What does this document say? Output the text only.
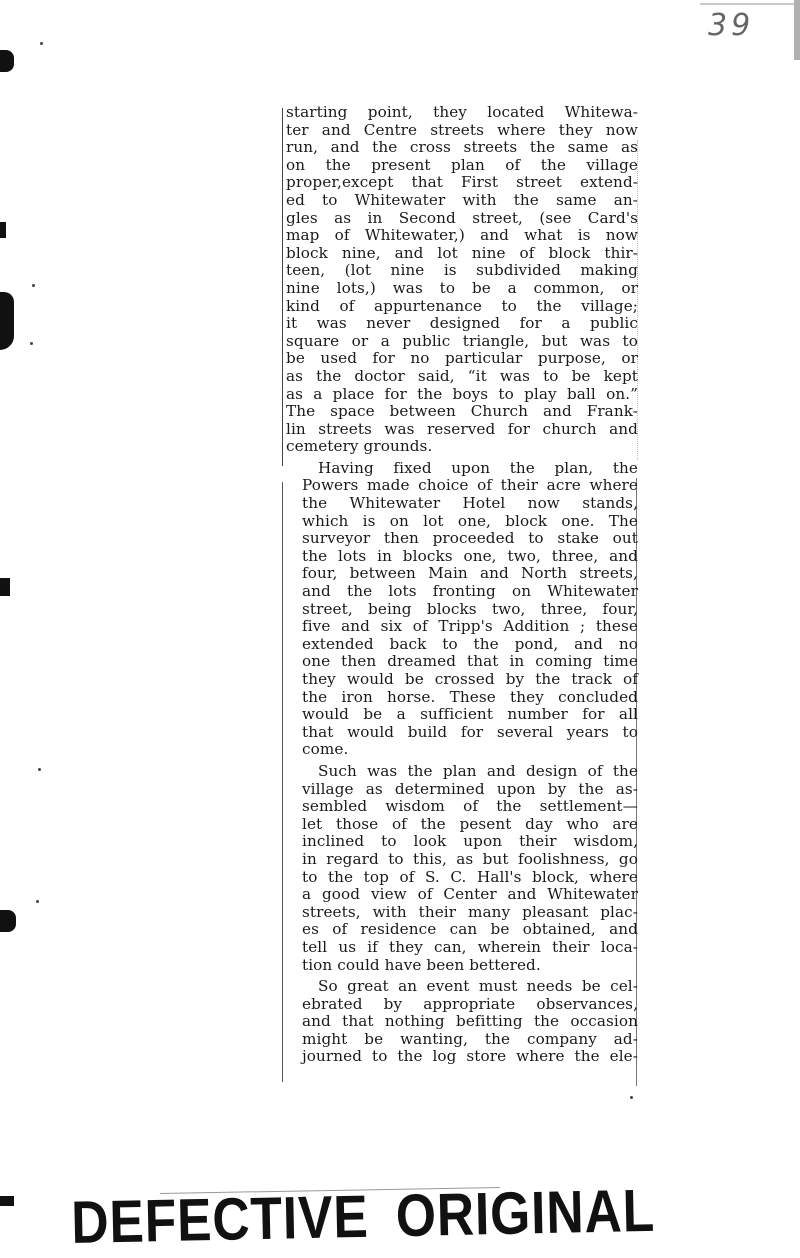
39

starting point, they located Whitewa-
ter and Centre streets where they now
run, and the cross streets the same as
on the present plan of the village
proper,except that First street extend-
ed to Whitewater with the same an-
gles as in Second street, (see Card's
map of Whitewater,) and what is now
block nine, and lot nine of block thir-
teen, (lot nine is subdivided making
nine lots,) was to be a common, or
kind of appurtenance to the village;
it was never designed for a public
square or a public triangle, but was to
be used for no particular purpose, or
as the doctor said, “it was to be kept
as a place for the boys to play ball on.”
The space between Church and Frank-
lin streets was reserved for church and
cemetery grounds.

Having fixed upon the plan, the
Powers made choice of their acre where
the Whitewater Hotel now stands,
which is on lot one, block one. The
surveyor then proceeded to stake out
the lots in blocks one, two, three, and
four, between Main and North streets,
and the lots fronting on Whitewater
street, being blocks two, three, four,
five and six of Tripp's Addition ; these
extended back to the pond, and no
one then dreamed that in coming time
they would be crossed by the track of
the iron horse. These they concluded
would be a sufficient number for all
that would build for several years to
come.

Such was the plan and design of the
village as determined upon by the as-
sembled wisdom of the settlement—
let those of the pesent day who are
inclined to look upon their wisdom,
in regard to this, as but foolishness, go
to the top of S. C. Hall's block, where
a good view of Center and Whitewater
streets, with their many pleasant plac-
es of residence can be obtained, and
tell us if they can, wherein their loca-
tion could have been bettered.

So great an event must needs be cel-
ebrated by appropriate observances,
and that nothing befitting the occasion
might be wanting, the company ad-
journed to the log store where the ele-

DEFECTIVE ORIGINAL
